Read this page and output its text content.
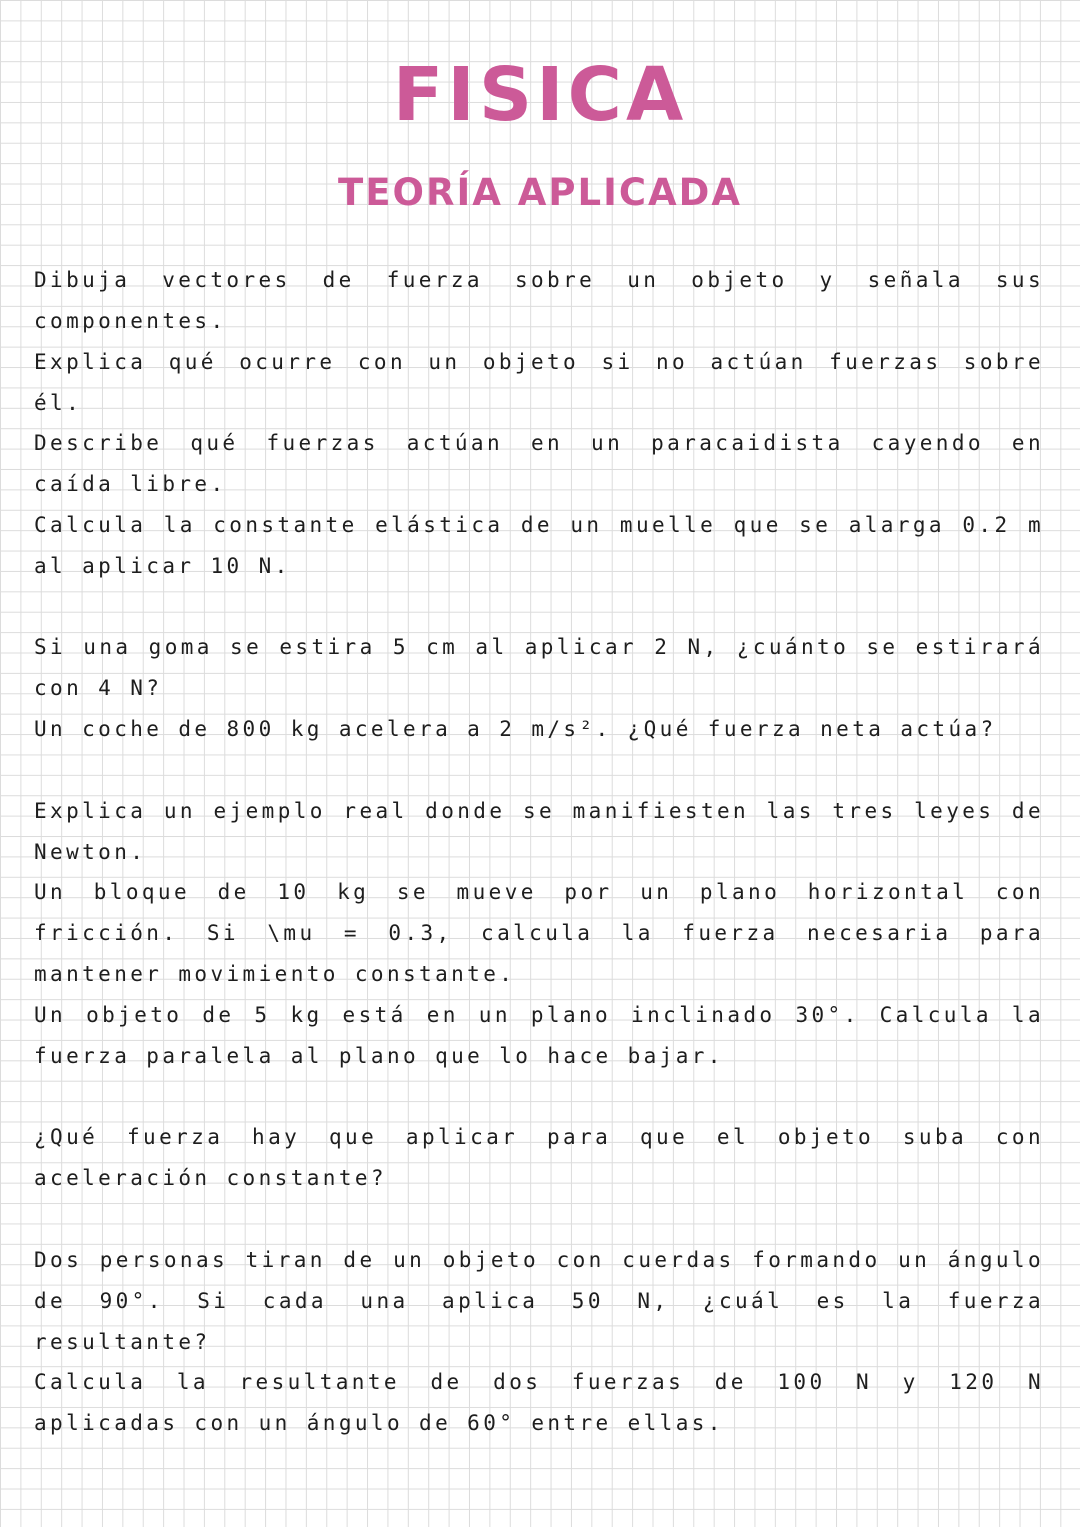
FISICA
TEORÍA APLICADA

Dibuja vectores de fuerza sobre un objeto y señala sus componentes.

Explica qué ocurre con un objeto si no actúan fuerzas sobre él.

Describe qué fuerzas actúan en un paracaidista cayendo en caída libre.

Calcula la constante elástica de un muelle que se alarga 0.2 m al aplicar 10 N.

Si una goma se estira 5 cm al aplicar 2 N, ¿cuánto se estirará con 4 N?

Un coche de 800 kg acelera a 2 m/s². ¿Qué fuerza neta actúa?

Explica un ejemplo real donde se manifiesten las tres leyes de Newton.

Un bloque de 10 kg se mueve por un plano horizontal con fricción. Si \mu = 0.3, calcula la fuerza necesaria para mantener movimiento constante.

Un objeto de 5 kg está en un plano inclinado 30°. Calcula la fuerza paralela al plano que lo hace bajar.

¿Qué fuerza hay que aplicar para que el objeto suba con aceleración constante?

Dos personas tiran de un objeto con cuerdas formando un ángulo de 90°. Si cada una aplica 50 N, ¿cuál es la fuerza resultante?

Calcula la resultante de dos fuerzas de 100 N y 120 N aplicadas con un ángulo de 60° entre ellas.
